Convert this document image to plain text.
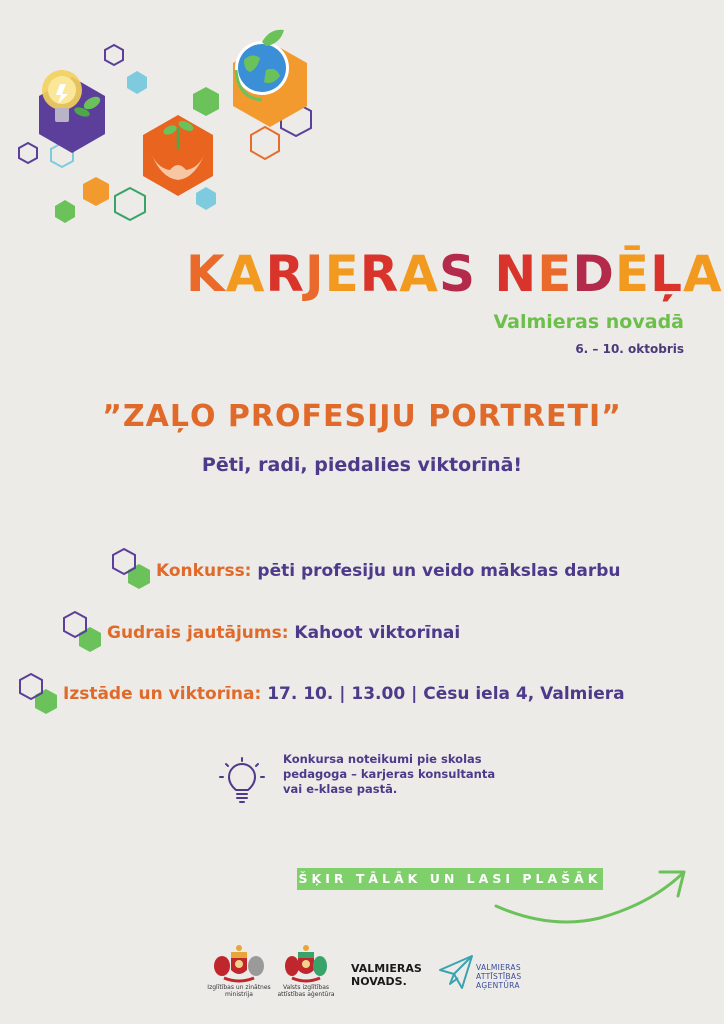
KARJERAS NEDĒĻA
Valmieras novadā
6. – 10. oktobris
”ZAĻO PROFESIJU PORTRETI”
Pēti, radi, piedalies viktorīnā!
Konkurss: pēti profesiju un veido mākslas darbu
Gudrais jautājums: Kahoot viktorīnai
Izstāde un viktorīna: 17. 10. | 13.00 | Cēsu iela 4, Valmiera
Konkursa noteikumi pie skolas
pedagoga – karjeras konsultanta
vai e-klase pastā.
ŠĶIR TĀLĀK UN LASI PLAŠĀK
Izglītības un zinātnes
ministrija
Valsts izglītības
attīstības aģentūra
VALMIERAS
NOVADS.
VALMIERAS
ATTĪSTĪBAS
AĢENTŪRA
